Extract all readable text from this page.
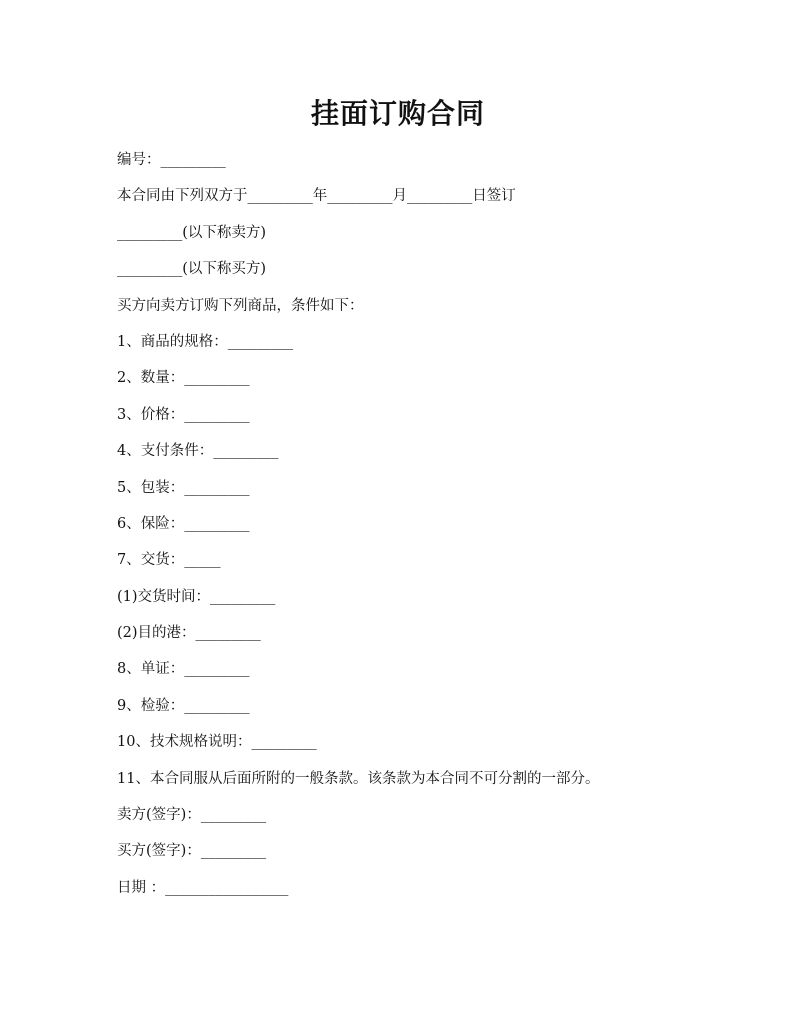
挂面订购合同
编号：_________
本合同由下列双方于_________年_________月_________日签订
_________(以下称卖方)
_________(以下称买方)
买方向卖方订购下列商品，条件如下：
1、商品的规格：_________
2、数量：_________
3、价格：_________
4、支付条件：_________
5、包装：_________
6、保险：_________
7、交货：_____
(1)交货时间：_________
(2)目的港：_________
8、单证：_________
9、检验：_________
10、技术规格说明：_________
11、本合同服从后面所附的一般条款。该条款为本合同不可分割的一部分。
卖方(签字)：_________
买方(签字)：_________
日期 ：_________________
